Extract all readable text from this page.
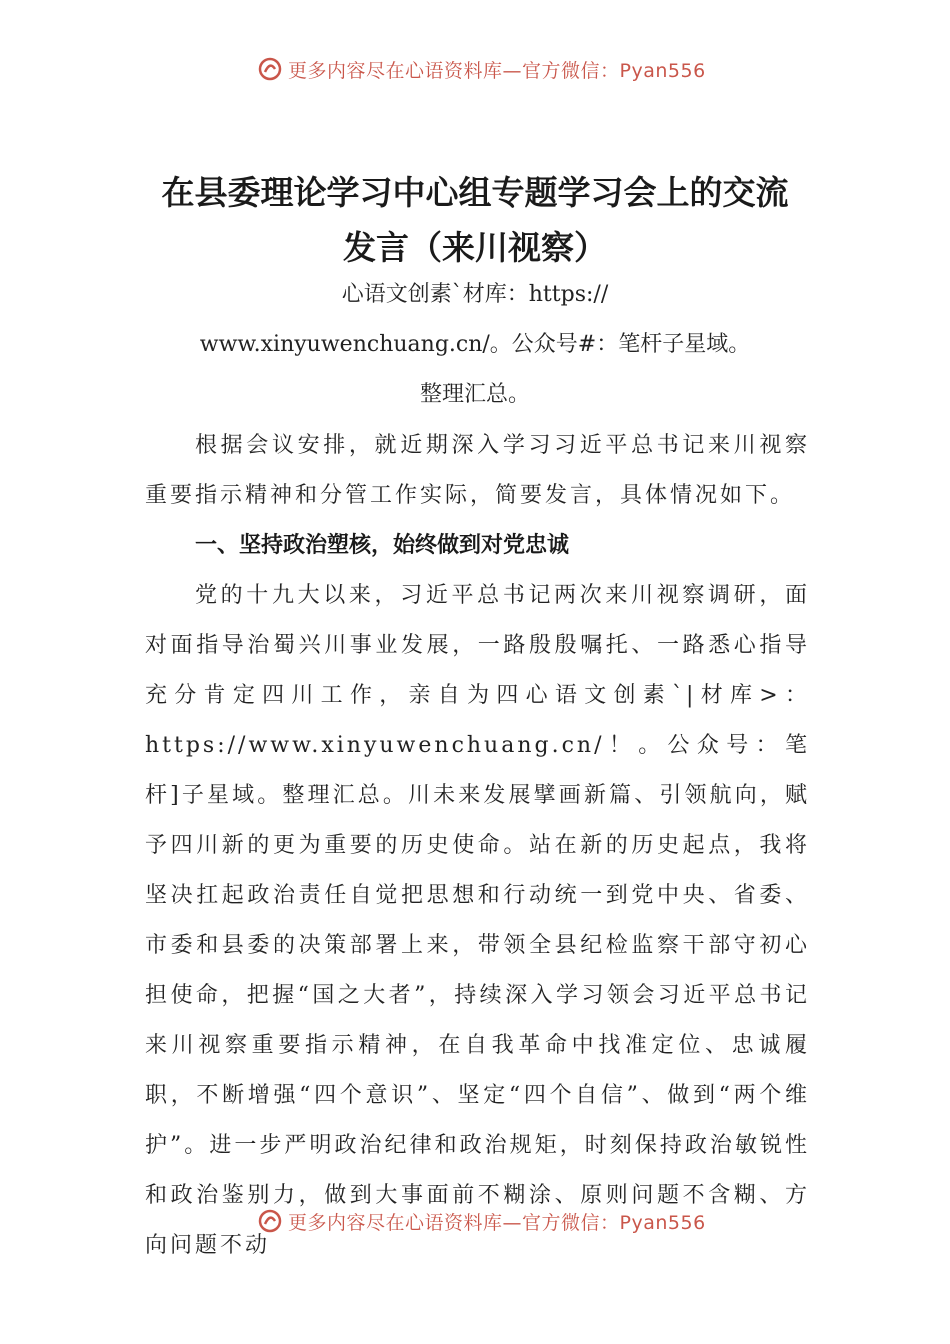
更多内容尽在心语资料库—官方微信：Pyan556
在县委理论学习中心组专题学习会上的交流发言（来川视察）
心语文创素`材库：https://
www.xinyuwenchuang.cn/。公众号#：笔杆子星域。
整理汇总。

根据会议安排，就近期深入学习习近平总书记来川视察重要指示精神和分管工作实际，简要发言，具体情况如下。

一、坚持政治塑核，始终做到对党忠诚

党的十九大以来，习近平总书记两次来川视察调研，面对面指导治蜀兴川事业发展，一路殷殷嘱托、一路悉心指导充分肯定四川工作，亲自为四心语文创素`|材库>：https://www.xinyuwenchuang.cn/！。公众号：笔杆]子星域。整理汇总。川未来发展擘画新篇、引领航向，赋予四川新的更为重要的历史使命。站在新的历史起点，我将坚决扛起政治责任自觉把思想和行动统一到党中央、省委、市委和县委的决策部署上来，带领全县纪检监察干部守初心担使命，把握“国之大者”，持续深入学习领会习近平总书记来川视察重要指示精神，在自我革命中找准定位、忠诚履职，不断增强“四个意识”、坚定“四个自信”、做到“两个维护”。进一步严明政治纪律和政治规矩，时刻保持政治敏锐性和政治鉴别力，做到大事面前不糊涂、原则问题不含糊、方向问题不动

更多内容尽在心语资料库—官方微信：Pyan556
